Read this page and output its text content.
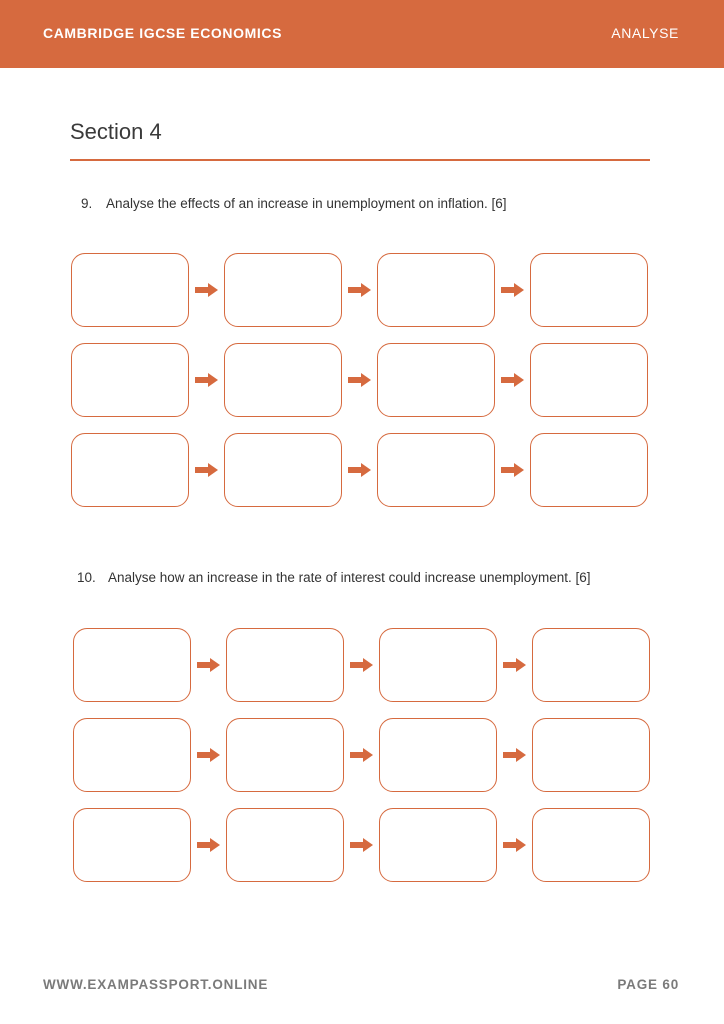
CAMBRIDGE IGCSE ECONOMICS	ANALYSE
Section 4
9. Analyse the effects of an increase in unemployment on inflation. [6]
10. Analyse how an increase in the rate of interest could increase unemployment. [6]
WWW.EXAMPASSPORT.ONLINE	PAGE 60
